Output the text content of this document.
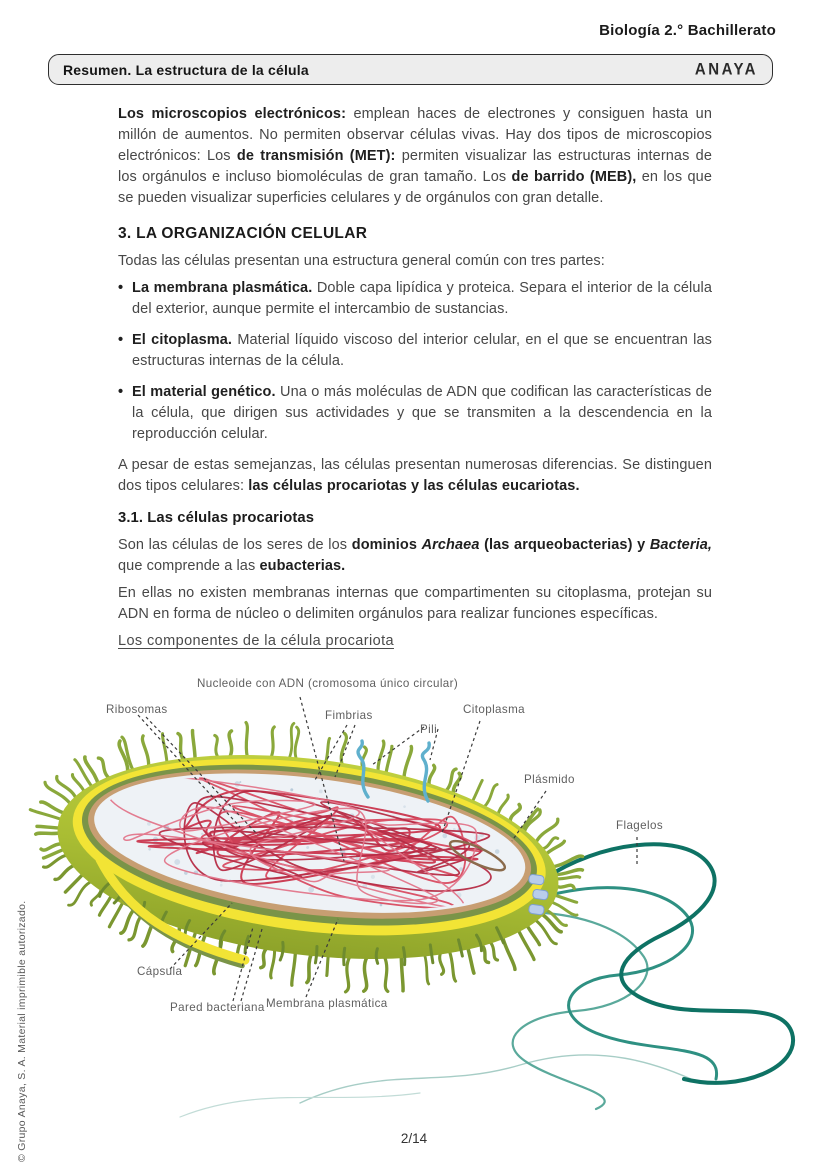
Biología 2.° Bachillerato
Resumen. La estructura de la célula	ANAYA

Los microscopios electrónicos: emplean haces de electrones y consiguen hasta un millón de aumentos. No permiten observar células vivas. Hay dos tipos de microscopios electrónicos: Los de transmisión (MET): permiten visualizar las estructuras internas de los orgánulos e incluso biomoléculas de gran tamaño. Los de barrido (MEB), en los que se pueden visualizar superficies celulares y de orgánulos con gran detalle.

3. LA ORGANIZACIÓN CELULAR

Todas las células presentan una estructura general común con tres partes:

• La membrana plasmática. Doble capa lipídica y proteica. Separa el interior de la célula del exterior, aunque permite el intercambio de sustancias.
• El citoplasma. Material líquido viscoso del interior celular, en el que se encuentran las estructuras internas de la célula.
• El material genético. Una o más moléculas de ADN que codifican las características de la célula, que dirigen sus actividades y que se transmiten a la descendencia en la reproducción celular.

A pesar de estas semejanzas, las células presentan numerosas diferencias. Se distinguen dos tipos celulares: las células procariotas y las células eucariotas.

3.1. Las células procariotas

Son las células de los seres de los dominios Archaea (las arqueobacterias) y Bacteria, que comprende a las eubacterias.

En ellas no existen membranas internas que compartimenten su citoplasma, protejan su ADN en forma de núcleo o delimiten orgánulos para realizar funciones específicas.

Los componentes de la célula procariota

Nucleoide con ADN (cromosoma único circular)
Ribosomas	Fimbrias
Pili
Citoplasma
Plásmido
Flagelos
Cápsula
Pared bacteriana Membrana plasmática
© Grupo Anaya, S. A. Material imprimible autorizado.	2/14
